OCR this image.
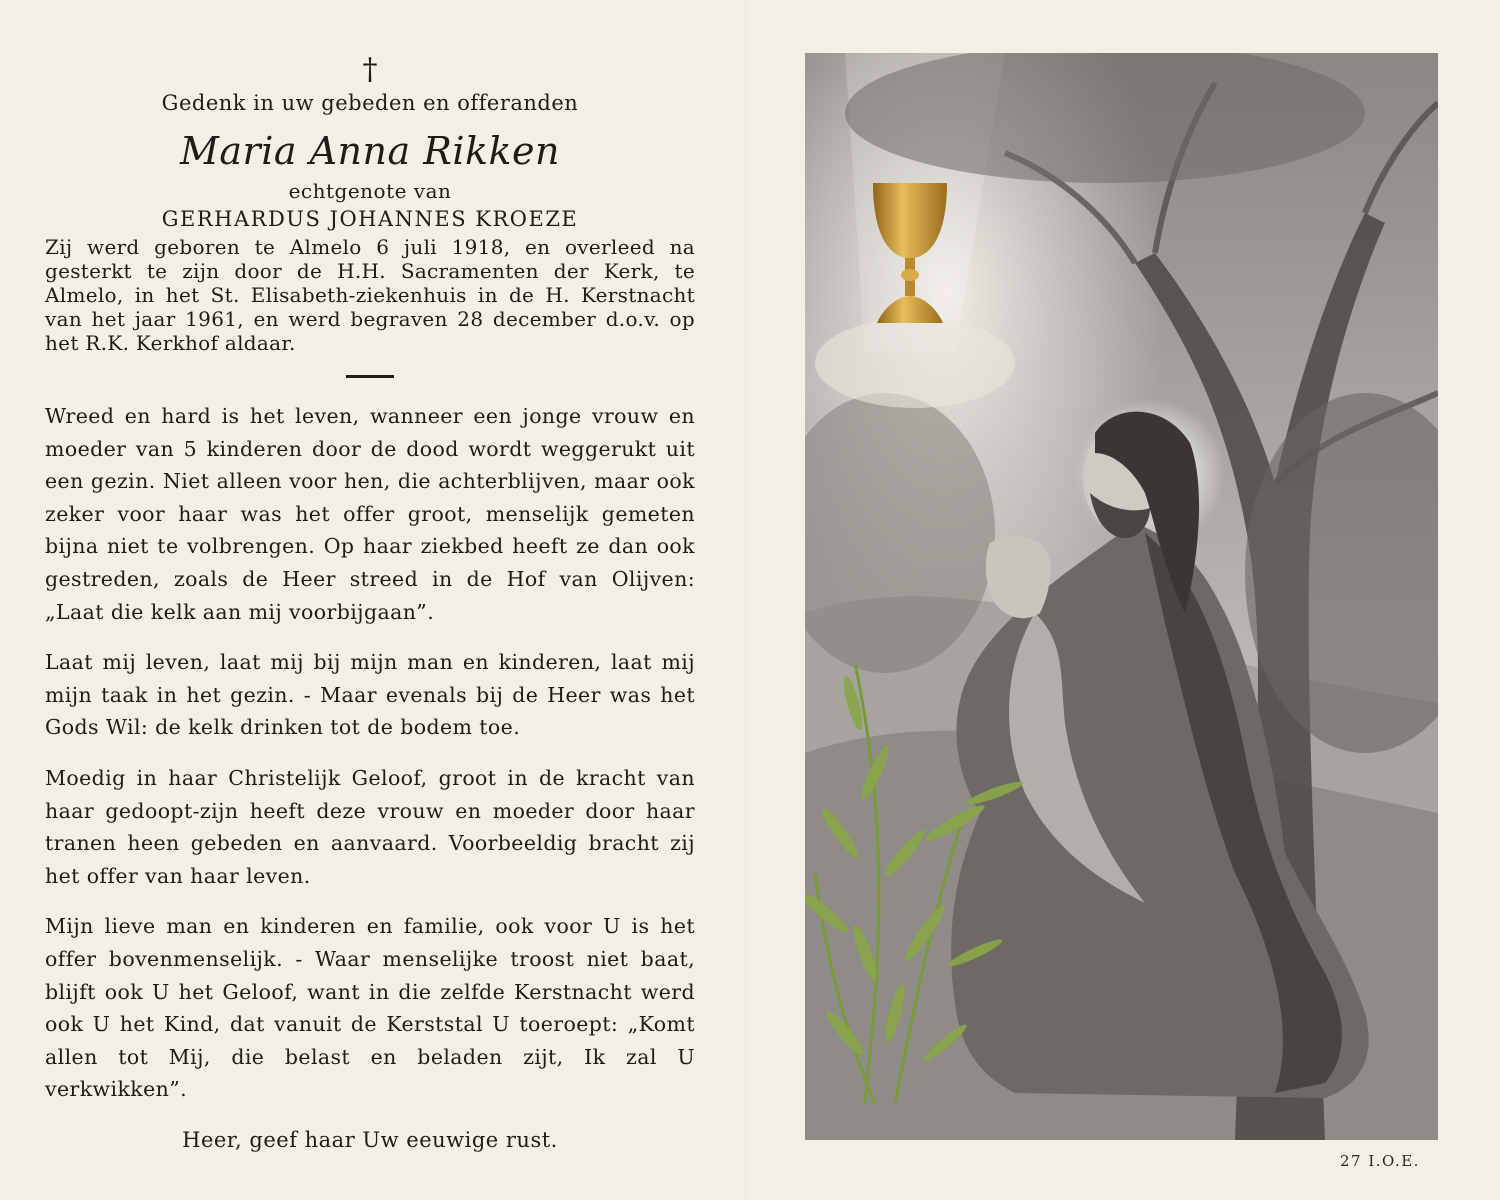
†
Gedenk in uw gebeden en offeranden
Maria Anna Rikken
echtgenote van
GERHARDUS JOHANNES KROEZE
Zij werd geboren te Almelo 6 juli 1918, en overleed na gesterkt te zijn door de H.H. Sacramenten der Kerk, te Almelo, in het St. Elisabeth-ziekenhuis in de H. Kerstnacht van het jaar 1961, en werd begraven 28 december d.o.v. op het R.K. Kerkhof aldaar.

Wreed en hard is het leven, wanneer een jonge vrouw en moeder van 5 kinderen door de dood wordt weggerukt uit een gezin. Niet alleen voor hen, die achterblijven, maar ook zeker voor haar was het offer groot, menselijk gemeten bijna niet te volbrengen. Op haar ziekbed heeft ze dan ook gestreden, zoals de Heer streed in de Hof van Olijven: „Laat die kelk aan mij voorbijgaan”.

Laat mij leven, laat mij bij mijn man en kinderen, laat mij mijn taak in het gezin. - Maar evenals bij de Heer was het Gods Wil: de kelk drinken tot de bodem toe.

Moedig in haar Christelijk Geloof, groot in de kracht van haar gedoopt-zijn heeft deze vrouw en moeder door haar tranen heen gebeden en aanvaard. Voorbeeldig bracht zij het offer van haar leven.

Mijn lieve man en kinderen en familie, ook voor U is het offer bovenmenselijk. - Waar menselijke troost niet baat, blijft ook U het Geloof, want in die zelfde Kerstnacht werd ook U het Kind, dat vanuit de Kerststal U toeroept: „Komt allen tot Mij, die belast en beladen zijt, Ik zal U verkwikken”.

Heer, geef haar Uw eeuwige rust.
27 I.O.E.
